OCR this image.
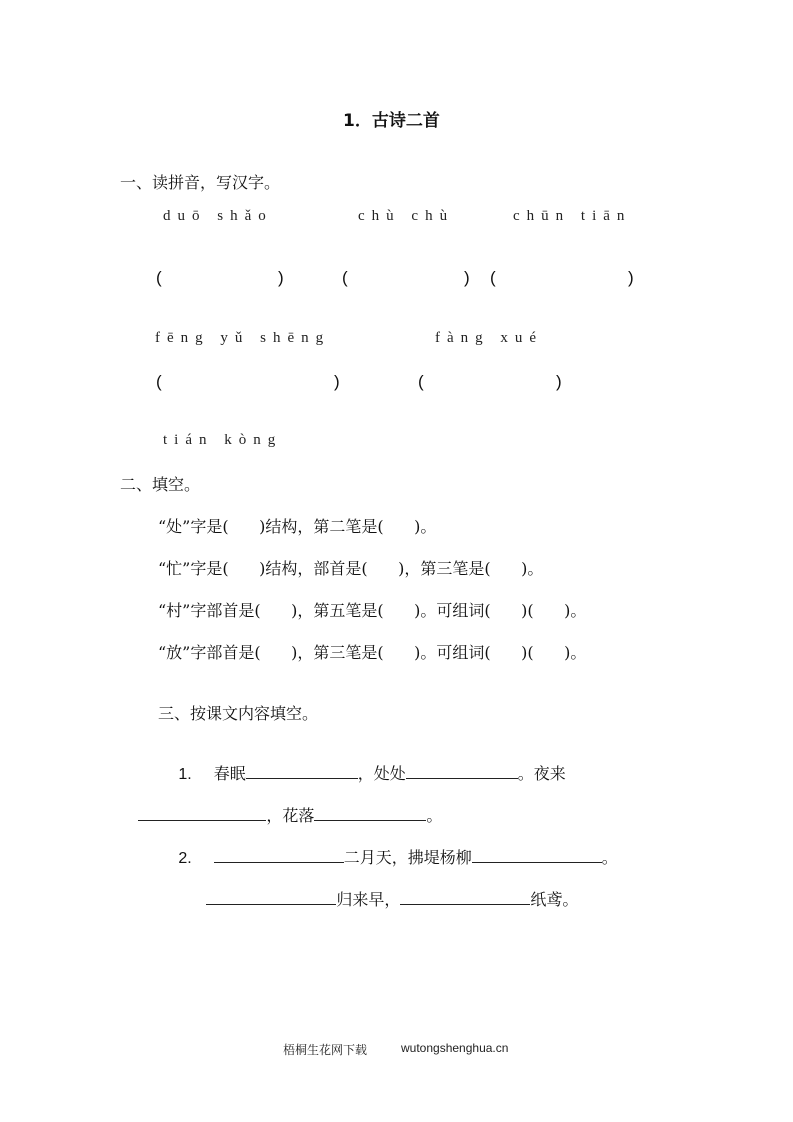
1．古诗二首
一、读拼音，写汉字。
duō shǎo	chù chù	chūn tiān
(	)	(	) (	)
fēng yǔ shēng	fàng xué
(	)	(	)
tián kòng
二、填空。
“处”字是(      )结构，第二笔是(      )。
“忙”字是(      )结构，部首是(      )，第三笔是(      )。
“村”字部首是(      )，第五笔是(      )。可组词(      )(      )。
“放”字部首是(      )，第三笔是(      )。可组词(      )(      )。
三、按课文内容填空。

1. 春眠	，处处	。夜来

，花落	。

2.	二月天，拂堤杨柳	。

归来早，	纸鸢。

梧桐生花网下载	wutongshenghua.cn
